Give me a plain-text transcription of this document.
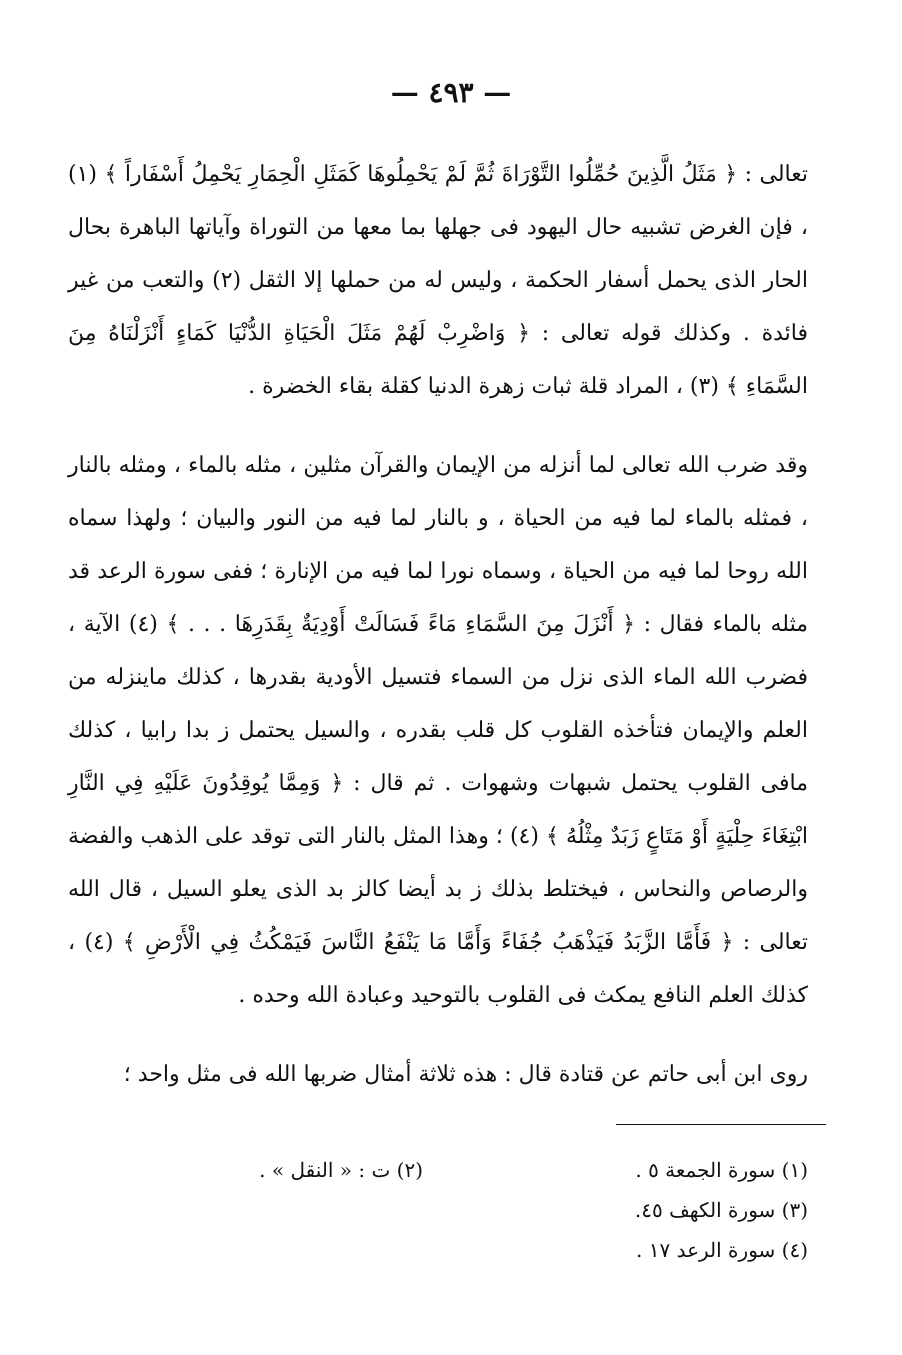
— ٤٩٣ —

تعالى : ﴿ مَثَلُ الَّذِينَ حُمِّلُوا التَّوْرَاةَ ثُمَّ لَمْ يَحْمِلُوهَا كَمَثَلِ الْحِمَارِ يَحْمِلُ أَسْفَاراً ﴾ (١) ، فإن الغرض تشبيه حال اليهود فى جهلها بما معها من التوراة وآياتها الباهرة بحال الحار الذى يحمل أسفار الحكمة ، وليس له من حملها إلا الثقل (٢) والتعب من غير فائدة . وكذلك قوله تعالى : ﴿ وَاضْرِبْ لَهُمْ مَثَلَ الْحَيَاةِ الدُّنْيَا كَمَاءٍ أَنْزَلْنَاهُ مِنَ السَّمَاءِ ﴾ (٣) ، المراد قلة ثبات زهرة الدنيا كقلة بقاء الخضرة .

وقد ضرب الله تعالى لما أنزله من الإيمان والقرآن مثلين ، مثله بالماء ، ومثله بالنار ، فمثله بالماء لما فيه من الحياة ، و بالنار لما فيه من النور والبيان ؛ ولهذا سماه الله روحا لما فيه من الحياة ، وسماه نورا لما فيه من الإنارة ؛ ففى سورة الرعد قد مثله بالماء فقال : ﴿ أَنْزَلَ مِنَ السَّمَاءِ مَاءً فَسَالَتْ أَوْدِيَةٌ بِقَدَرِهَا . . . ﴾ (٤) الآية ، فضرب الله الماء الذى نزل من السماء فتسيل الأودية بقدرها ، كذلك ماينزله من العلم والإيمان فتأخذه القلوب كل قلب بقدره ، والسيل يحتمل ز بدا رابيا ، كذلك مافى القلوب يحتمل شبهات وشهوات . ثم قال : ﴿ وَمِمَّا يُوقِدُونَ عَلَيْهِ فِي النَّارِ ابْتِغَاءَ حِلْيَةٍ أَوْ مَتَاعٍ زَبَدٌ مِثْلُهُ ﴾ (٤) ؛ وهذا المثل بالنار التى توقد على الذهب والفضة والرصاص والنحاس ، فيختلط بذلك ز بد أيضا كالز بد الذى يعلو السيل ، قال الله تعالى : ﴿ فَأَمَّا الزَّبَدُ فَيَذْهَبُ جُفَاءً وَأَمَّا مَا يَنْفَعُ النَّاسَ فَيَمْكُثُ فِي الْأَرْضِ ﴾ (٤) ، كذلك العلم النافع يمكث فى القلوب بالتوحيد وعبادة الله وحده .

روى ابن أبى حاتم عن قتادة قال : هذه ثلاثة أمثال ضربها الله فى مثل واحد ؛

(١) سورة الجمعة ٥ .
(٢) ت : « النقل » .
(٣) سورة الكهف ٤٥.
(٤) سورة الرعد ١٧ .
